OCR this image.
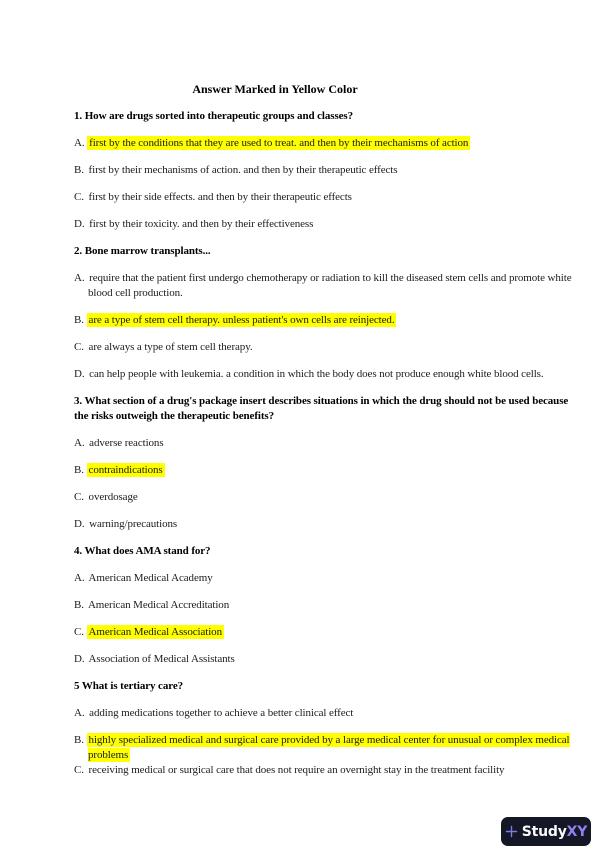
Answer Marked in Yellow Color

1. How are drugs sorted into therapeutic groups and classes?

A. first by the conditions that they are used to treat. and then by their mechanisms of action

B. first by their mechanisms of action. and then by their therapeutic effects

C. first by their side effects. and then by their therapeutic effects

D. first by their toxicity. and then by their effectiveness

2. Bone marrow transplants...

A. require that the patient first undergo chemotherapy or radiation to kill the diseased stem cells and promote white blood cell production.

B. are a type of stem cell therapy. unless patient's own cells are reinjected.

C. are always a type of stem cell therapy.

D. can help people with leukemia. a condition in which the body does not produce enough white blood cells.

3. What section of a drug's package insert describes situations in which the drug should not be used because the risks outweigh the therapeutic benefits?

A. adverse reactions

B. contraindications

C. overdosage

D. warning/precautions

4. What does AMA stand for?

A. American Medical Academy

B. American Medical Accreditation

C. American Medical Association

D. Association of Medical Assistants

5 What is tertiary care?

A. adding medications together to achieve a better clinical effect

B. highly specialized medical and surgical care provided by a large medical center for unusual or complex medical problems

C. receiving medical or surgical care that does not require an overnight stay in the treatment facility

StudyXY
